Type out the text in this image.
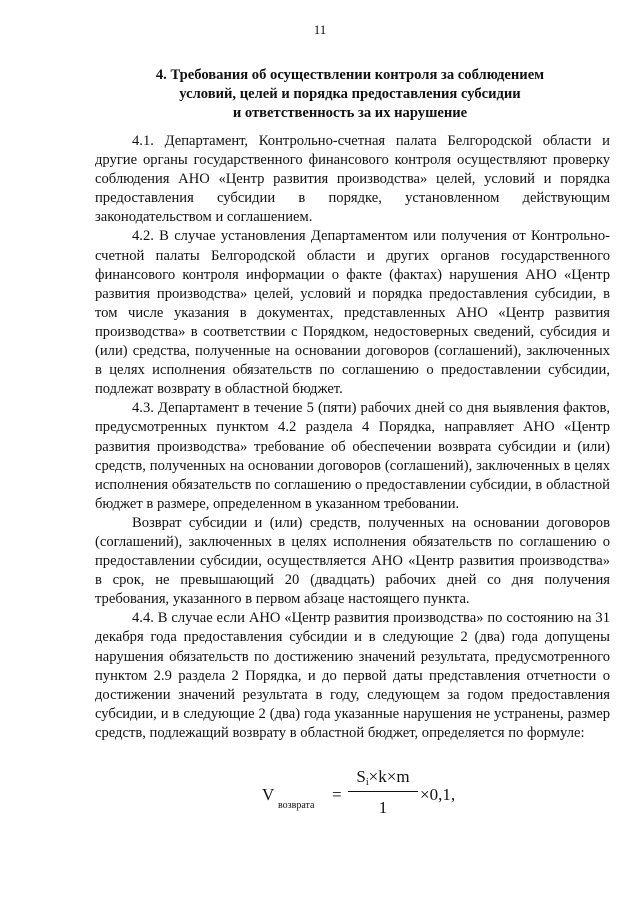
11
4. Требования об осуществлении контроля за соблюдением
условий, целей и порядка предоставления субсидии
и ответственность за их нарушение

4.1. Департамент, Контрольно-счетная палата Белгородской области и другие органы государственного финансового контроля осуществляют проверку соблюдения АНО «Центр развития производства» целей, условий и порядка предоставления субсидии в порядке, установленном действующим законодательством и соглашением.

4.2. В случае установления Департаментом или получения от Контрольно-счетной палаты Белгородской области и других органов государственного финансового контроля информации о факте (фактах) нарушения АНО «Центр развития производства» целей, условий и порядка предоставления субсидии, в том числе указания в документах, представленных АНО «Центр развития производства» в соответствии с Порядком, недостоверных сведений, субсидия и (или) средства, полученные на основании договоров (соглашений), заключенных в целях исполнения обязательств по соглашению о предоставлении субсидии, подлежат возврату в областной бюджет.

4.3. Департамент в течение 5 (пяти) рабочих дней со дня выявления фактов, предусмотренных пунктом 4.2 раздела 4 Порядка, направляет АНО «Центр развития производства» требование об обеспечении возврата субсидии и (или) средств, полученных на основании договоров (соглашений), заключенных в целях исполнения обязательств по соглашению о предоставлении субсидии, в областной бюджет в размере, определенном в указанном требовании.

Возврат субсидии и (или) средств, полученных на основании договоров (соглашений), заключенных в целях исполнения обязательств по соглашению о предоставлении субсидии, осуществляется АНО «Центр развития производства» в срок, не превышающий 20 (двадцать) рабочих дней со дня получения требования, указанного в первом абзаце настоящего пункта.

4.4. В случае если АНО «Центр развития производства» по состоянию на 31 декабря года предоставления субсидии и в следующие 2 (два) года допущены нарушения обязательств по достижению значений результата, предусмотренного пунктом 2.9 раздела 2 Порядка, и до первой даты представления отчетности о достижении значений результата в году, следующем за годом предоставления субсидии, и в следующие 2 (два) года указанные нарушения не устранены, размер средств, подлежащий возврату в областной бюджет, определяется по формуле:

V
возврата
=
Si×k×m
1
×0,1,
